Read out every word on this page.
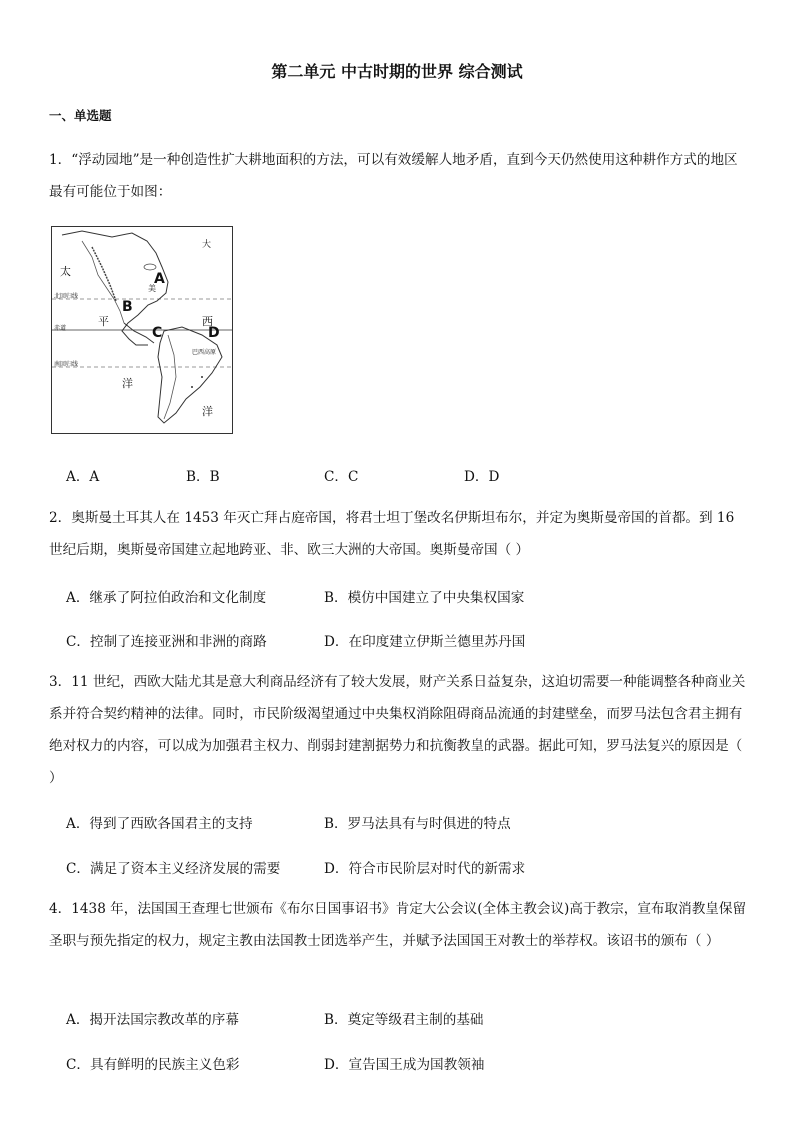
第二单元 中古时期的世界 综合测试
一、单选题
1．“浮动园地”是一种创造性扩大耕地面积的方法，可以有效缓解人地矛盾，直到今天仍然使用这种耕作方式的地区最有可能位于如图：
大
太
平
洋
西
洋
北回归线
赤道
南回归线
美
巴西高原
A
B
C	D
A．A	B．B	C．C	D．D
2．奥斯曼土耳其人在 1453 年灭亡拜占庭帝国，将君士坦丁堡改名伊斯坦布尔，并定为奥斯曼帝国的首都。到 16 世纪后期，奥斯曼帝国建立起地跨亚、非、欧三大洲的大帝国。奥斯曼帝国（ ）
A．继承了阿拉伯政治和文化制度	B．模仿中国建立了中央集权国家
C．控制了连接亚洲和非洲的商路	D．在印度建立伊斯兰德里苏丹国
3．11 世纪，西欧大陆尤其是意大利商品经济有了较大发展，财产关系日益复杂，这迫切需要一种能调整各种商业关系并符合契约精神的法律。同时，市民阶级渴望通过中央集权消除阻碍商品流通的封建壁垒，而罗马法包含君主拥有绝对权力的内容，可以成为加强君主权力、削弱封建割据势力和抗衡教皇的武器。据此可知，罗马法复兴的原因是（ ）
A．得到了西欧各国君主的支持	B．罗马法具有与时俱进的特点
C．满足了资本主义经济发展的需要	D．符合市民阶层对时代的新需求
4．1438 年，法国国王查理七世颁布《布尔日国事诏书》肯定大公会议(全体主教会议)高于教宗，宣布取消教皇保留圣职与预先指定的权力，规定主教由法国教士团选举产生，并赋予法国国王对教士的举荐权。该诏书的颁布（ ）
A．揭开法国宗教改革的序幕	B．奠定等级君主制的基础
C．具有鲜明的民族主义色彩	D．宣告国王成为国教领袖
